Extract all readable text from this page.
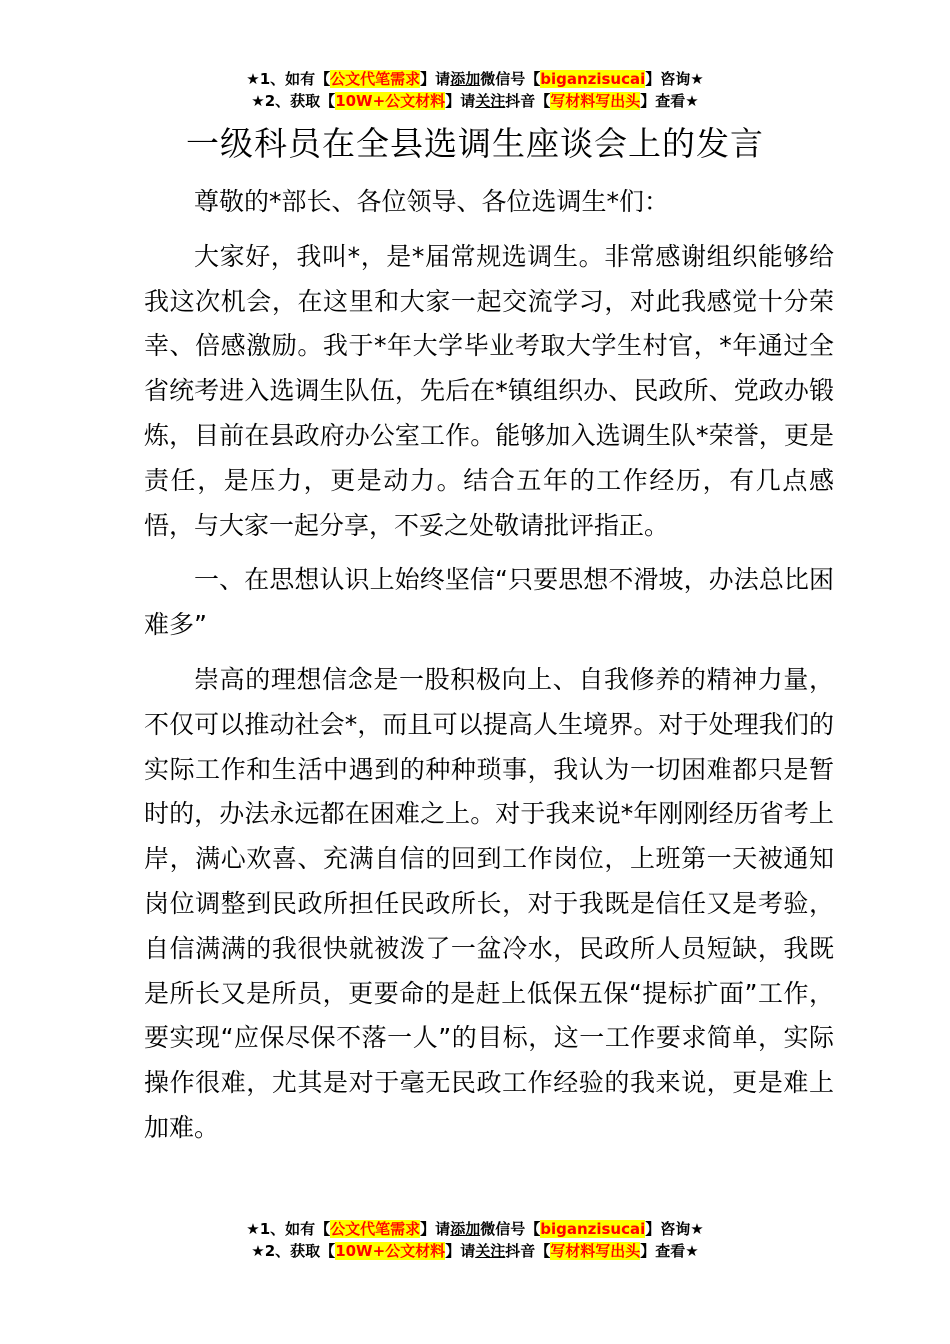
★1、如有【公文代笔需求】请添加微信号【biganzisucai】咨询★
★2、获取【10W+公文材料】请关注抖音【写材料写出头】查看★
一级科员在全县选调生座谈会上的发言

尊敬的*部长、各位领导、各位选调生*们：

大家好，我叫*，是*届常规选调生。非常感谢组织能够给我这次机会，在这里和大家一起交流学习，对此我感觉十分荣幸、倍感激励。我于*年大学毕业考取大学生村官，*年通过全省统考进入选调生队伍，先后在*镇组织办、民政所、党政办锻炼，目前在县政府办公室工作。能够加入选调生队*荣誉，更是责任，是压力，更是动力。结合五年的工作经历，有几点感悟，与大家一起分享，不妥之处敬请批评指正。

一、在思想认识上始终坚信“只要思想不滑坡，办法总比困难多”

崇高的理想信念是一股积极向上、自我修养的精神力量，不仅可以推动社会*，而且可以提高人生境界。对于处理我们的实际工作和生活中遇到的种种琐事，我认为一切困难都只是暂时的，办法永远都在困难之上。对于我来说*年刚刚经历省考上岸，满心欢喜、充满自信的回到工作岗位，上班第一天被通知岗位调整到民政所担任民政所长，对于我既是信任又是考验，自信满满的我很快就被泼了一盆冷水，民政所人员短缺，我既是所长又是所员，更要命的是赶上低保五保“提标扩面”工作，要实现“应保尽保不落一人”的目标，这一工作要求简单，实际操作很难，尤其是对于毫无民政工作经验的我来说，更是难上加难。

★1、如有【公文代笔需求】请添加微信号【biganzisucai】咨询★
★2、获取【10W+公文材料】请关注抖音【写材料写出头】查看★
